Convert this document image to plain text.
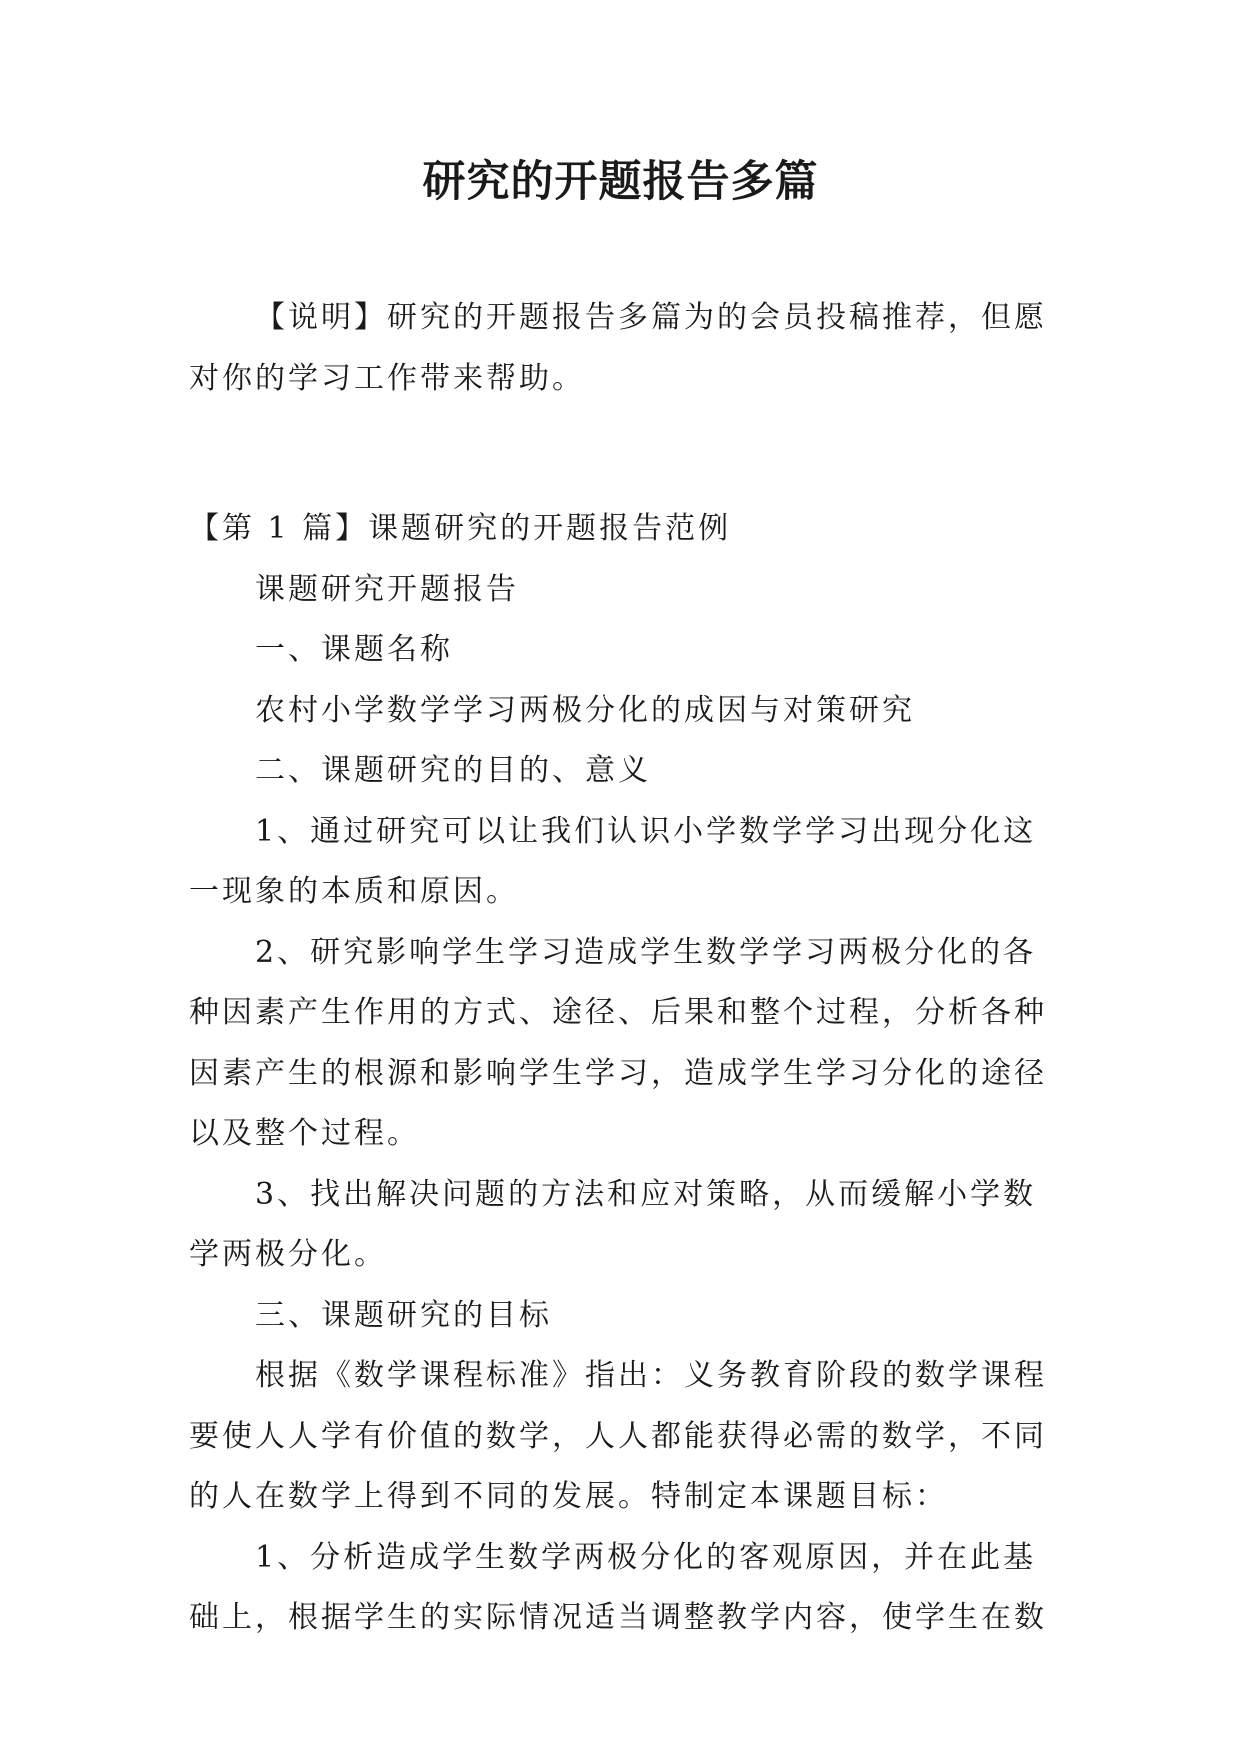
研究的开题报告多篇

【说明】研究的开题报告多篇为的会员投稿推荐，但愿对你的学习工作带来帮助。

【第 1 篇】课题研究的开题报告范例

课题研究开题报告

一、课题名称

农村小学数学学习两极分化的成因与对策研究

二、课题研究的目的、意义

1、通过研究可以让我们认识小学数学学习出现分化这一现象的本质和原因。

2、研究影响学生学习造成学生数学学习两极分化的各种因素产生作用的方式、途径、后果和整个过程，分析各种因素产生的根源和影响学生学习，造成学生学习分化的途径以及整个过程。

3、找出解决问题的方法和应对策略，从而缓解小学数学两极分化。

三、课题研究的目标

根据《数学课程标准》指出：义务教育阶段的数学课程要使人人学有价值的数学，人人都能获得必需的数学，不同的人在数学上得到不同的发展。特制定本课题目标：

1、分析造成学生数学两极分化的客观原因，并在此基础上，根据学生的实际情况适当调整教学内容，使学生在数
